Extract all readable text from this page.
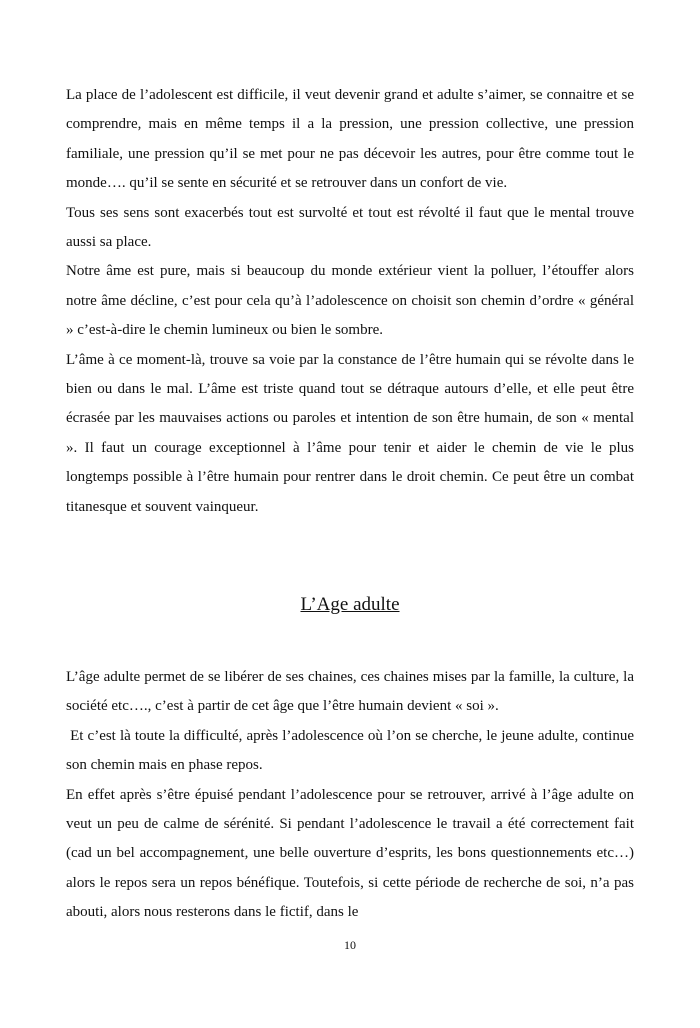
La place de l’adolescent est difficile, il veut devenir grand et adulte s’aimer, se connaitre et se comprendre, mais en même temps il a la pression, une pression collective, une pression familiale, une pression qu’il se met pour ne pas décevoir les autres, pour être comme tout le monde…. qu’il se sente en sécurité et se retrouver dans un confort de vie.

Tous ses sens sont exacerbés tout est survolté et tout est révolté il faut que le mental trouve aussi sa place.

Notre âme est pure, mais si beaucoup du monde extérieur vient la polluer, l’étouffer alors notre âme décline, c’est pour cela qu’à l’adolescence on choisit son chemin d’ordre « général » c’est-à-dire le chemin lumineux ou bien le sombre.

L’âme à ce moment-là, trouve sa voie par la constance de l’être humain qui se révolte dans le bien ou dans le mal. L’âme est triste quand tout se détraque autours d’elle, et elle peut être écrasée par les mauvaises actions ou paroles et intention de son être humain, de son « mental ». Il faut un courage exceptionnel à l’âme pour tenir et aider le chemin de vie le plus longtemps possible à l’être humain pour rentrer dans le droit chemin. Ce peut être un combat titanesque et souvent vainqueur.

L’Age adulte

L’âge adulte permet de se libérer de ses chaines, ces chaines mises par la famille, la culture, la société etc…., c’est à partir de cet âge que l’être humain devient « soi ».

Et c’est là toute la difficulté, après l’adolescence où l’on se cherche, le jeune adulte, continue son chemin mais en phase repos.

En effet après s’être épuisé pendant l’adolescence pour se retrouver, arrivé à l’âge adulte on veut un peu de calme de sérénité. Si pendant l’adolescence le travail a été correctement fait (cad un bel accompagnement, une belle ouverture d’esprits, les bons questionnements etc…) alors le repos sera un repos bénéfique. Toutefois, si cette période de recherche de soi, n’a pas abouti, alors nous resterons dans le fictif, dans le

10
